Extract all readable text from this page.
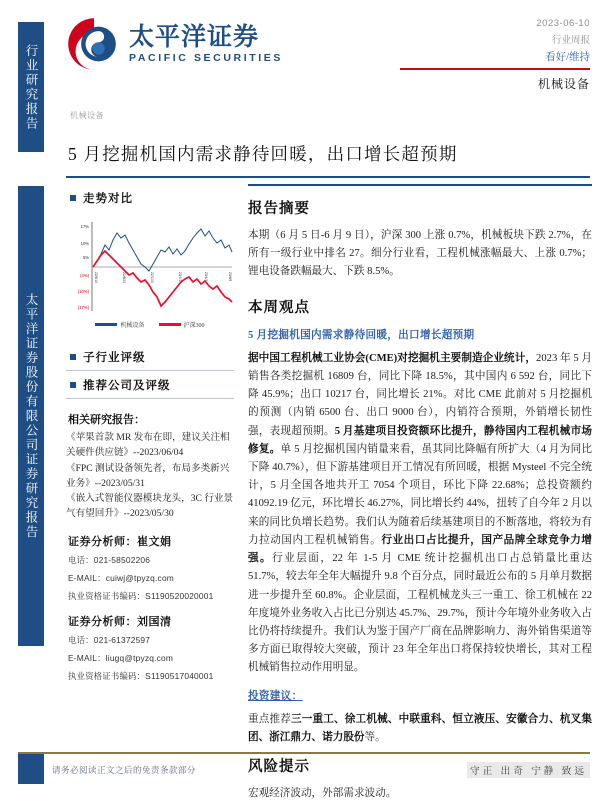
行业研究报告
太平洋证券股份有限公司证券研究报告
太平洋证券
PACIFIC SECURITIES
2023-06-10
行业周报
看好/维持
机械设备
机械设备
5 月挖掘机国内需求静待回暖，出口增长超预期
走势对比
17%
10%
5%
(4%)
(10%)
(17%)
22/6/10	22/8/24	22/11/3	23/1/17	23/4/3	23/6/9
机械设备	沪深300
子行业评级
推荐公司及评级
相关研究报告：
《苹果首款 MR 发布在即，建议关注相关硬件供应链》--2023/06/04
《FPC 测试设备领先者，布局多类新兴业务》--2023/05/31
《嵌入式智能仪器模块龙头，3C 行业景气有望回升》--2023/05/30
证券分析师：崔文娟
电话：021-58502206
E-MAIL：cuiwj@tpyzq.com
执业资格证书编码：S1190520020001
证券分析师：刘国清
电话：021-61372597
E-MAIL：liugq@tpyzq.com
执业资格证书编码：S1190517040001
报告摘要
本期（6 月 5 日-6 月 9 日），沪深 300 上涨 0.7%，机械板块下跌 2.7%，在所有一级行业中排名 27。细分行业看，工程机械涨幅最大、上涨 0.7%；锂电设备跌幅最大、下跌 8.5%。
本周观点
5 月挖掘机国内需求静待回暖，出口增长超预期
据中国工程机械工业协会(CME)对挖掘机主要制造企业统计，2023 年 5 月销售各类挖掘机 16809 台，同比下降 18.5%，其中国内 6 592 台，同比下降 45.9%；出口 10217 台，同比增长 21%。对比 CME 此前对 5 月挖掘机的预测（内销 6500 台、出口 9000 台），内销符合预期，外销增长韧性强，表现超预期。5 月基建项目投资额环比提升，静待国内工程机械市场修复。单 5 月挖掘机国内销量来看，虽其同比降幅有所扩大（4 月为同比下降 40.7%），但下游基建项目开工情况有所回暖，根据 Mysteel 不完全统计，5 月全国各地共开工 7054 个项目，环比下降 22.68%；总投资额约 41092.19 亿元，环比增长 46.27%，同比增长约 44%，扭转了自今年 2 月以来的同比负增长趋势。我们认为随着后续基建项目的不断落地，将较为有力拉动国内工程机械销售。行业出口占比提升，国产品牌全球竞争力增强。行业层面，22 年 1-5 月 CME 统计挖掘机出口占总销量比重达 51.7%，较去年全年大幅提升 9.8 个百分点，同时最近公布的 5 月单月数据进一步提升至 60.8%。企业层面，工程机械龙头三一重工、徐工机械在 22 年度境外业务收入占比已分别达 45.7%、29.7%，预计今年境外业务收入占比仍将持续提升。我们认为鉴于国产厂商在品牌影响力、海外销售渠道等多方面已取得较大突破，预计 23 年全年出口将保持较快增长，其对工程机械销售拉动作用明显。
投资建议：
重点推荐三一重工、徐工机械、中联重科、恒立液压、安徽合力、杭叉集团、浙江鼎力、诺力股份等。
风险提示
宏观经济波动，外部需求波动。
请务必阅读正文之后的免责条款部分	守正 出奇 宁静 致远
